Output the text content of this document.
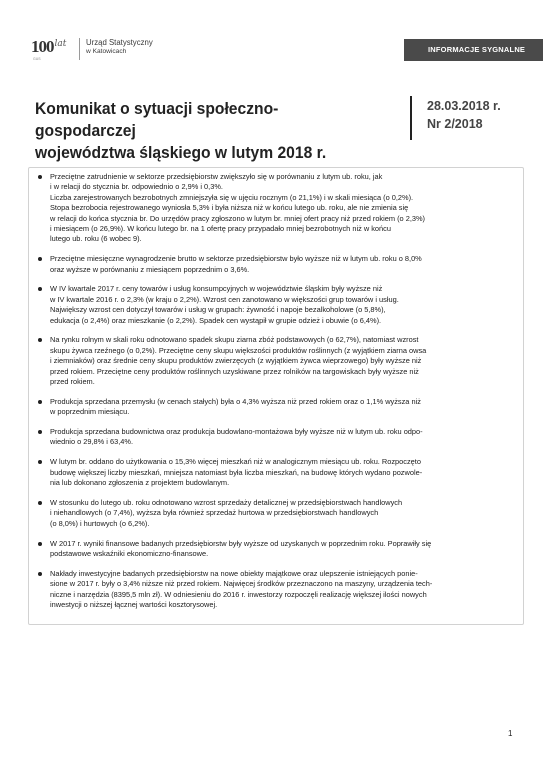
100 lat
GUS
Urząd Statystyczny
w Katowicach	INFORMACJE SYGNALNE
Komunikat o sytuacji społeczno-gospodarczej
województwa śląskiego w lutym 2018 r.
28.03.2018 r.
Nr 2/2018
Przeciętne zatrudnienie w sektorze przedsiębiorstw zwiększyło się w porównaniu z lutym ub. roku, jak
i w relacji do stycznia br. odpowiednio o 2,9% i 0,3%.
Liczba zarejestrowanych bezrobotnych zmniejszyła się w ujęciu rocznym (o 21,1%) i w skali miesiąca (o 0,2%).
Stopa bezrobocia rejestrowanego wyniosła 5,3% i była niższa niż w końcu lutego ub. roku, ale nie zmienia się
w relacji do końca stycznia br. Do urzędów pracy zgłoszono w lutym br. mniej ofert pracy niż przed rokiem (o 2,3%)
i miesiącem (o 26,9%). W końcu lutego br. na 1 ofertę pracy przypadało mniej bezrobotnych niż w końcu
lutego ub. roku (6 wobec 9).
Przeciętne miesięczne wynagrodzenie brutto w sektorze przedsiębiorstw było wyższe niż w lutym ub. roku o 8,0%
oraz wyższe w porównaniu z miesiącem poprzednim o 3,6%.
W IV kwartale 2017 r. ceny towarów i usług konsumpcyjnych w województwie śląskim były wyższe niż
w IV kwartale 2016 r. o 2,3% (w kraju o 2,2%). Wzrost cen zanotowano w większości grup towarów i usług.
Największy wzrost cen dotyczył towarów i usług w grupach: żywność i napoje bezalkoholowe (o 5,8%),
edukacja (o 2,4%) oraz mieszkanie (o 2,2%). Spadek cen wystąpił w grupie odzież i obuwie (o 6,4%).
Na rynku rolnym w skali roku odnotowano spadek skupu ziarna zbóż podstawowych (o 62,7%), natomiast wzrost
skupu żywca rzeźnego (o 0,2%). Przeciętne ceny skupu większości produktów roślinnych (z wyjątkiem ziarna owsa
i ziemniaków) oraz średnie ceny skupu produktów zwierzęcych (z wyjątkiem żywca wieprzowego) były wyższe niż
przed rokiem. Przeciętne ceny produktów roślinnych uzyskiwane przez rolników na targowiskach były wyższe niż
przed rokiem.
Produkcja sprzedana przemysłu (w cenach stałych) była o 4,3% wyższa niż przed rokiem oraz o 1,1% wyższa niż
w poprzednim miesiącu.
Produkcja sprzedana budownictwa oraz produkcja budowlano-montażowa były wyższe niż w lutym ub. roku odpo-
wiednio o 29,8% i 63,4%.
W lutym br. oddano do użytkowania o 15,3% więcej mieszkań niż w analogicznym miesiącu ub. roku. Rozpoczęto
budowę większej liczby mieszkań, mniejsza natomiast była liczba mieszkań, na budowę których wydano pozwole-
nia lub dokonano zgłoszenia z projektem budowlanym.
W stosunku do lutego ub. roku odnotowano wzrost sprzedaży detalicznej w przedsiębiorstwach handlowych
i niehandlowych (o 7,4%), wyższa była również sprzedaż hurtowa w przedsiębiorstwach handlowych
(o 8,0%) i hurtowych (o 6,2%).
W 2017 r. wyniki finansowe badanych przedsiębiorstw były wyższe od uzyskanych w poprzednim roku. Poprawiły się
podstawowe wskaźniki ekonomiczno-finansowe.
Nakłady inwestycyjne badanych przedsiębiorstw na nowe obiekty majątkowe oraz ulepszenie istniejących ponie-
sione w 2017 r. były o 3,4% niższe niż przed rokiem. Najwięcej środków przeznaczono na maszyny, urządzenia tech-
niczne i narzędzia (8395,5 mln zł). W odniesieniu do 2016 r. inwestorzy rozpoczęli realizację większej ilości nowych
inwestycji o niższej łącznej wartości kosztorysowej.
1
